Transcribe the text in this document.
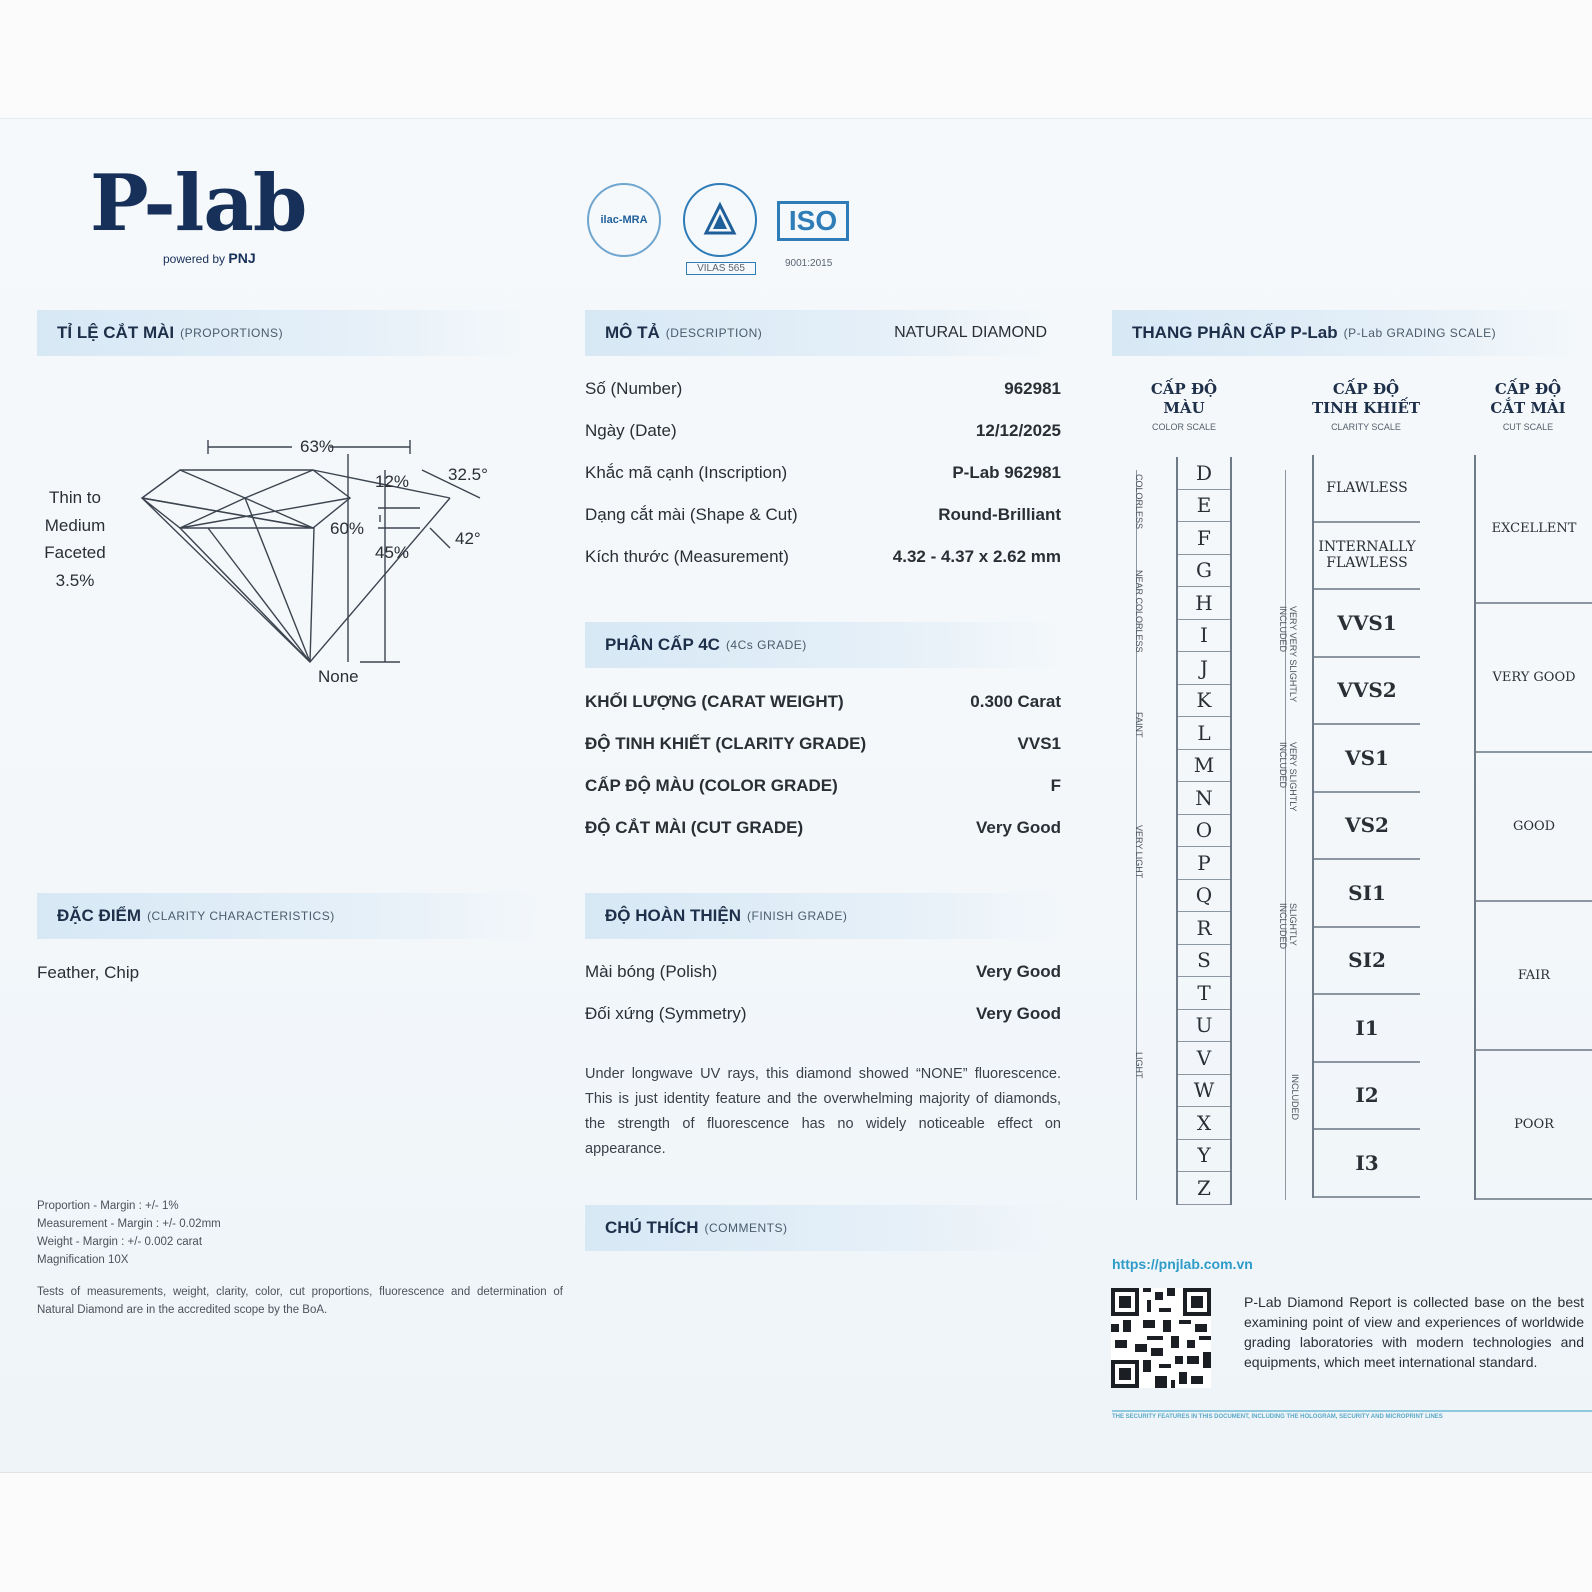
P-lab
powered by PNJ
ilac-MRA
VILAS 565
ISO
9001:2015
TỈ LỆ CẮT MÀI (PROPORTIONS)
63%
12% 32.5°
60%
45%
42°
None
Thin to
Medium
Faceted
3.5%
MÔ TẢ (DESCRIPTION)	NATURAL DIAMOND
Số (Number)	962981
Ngày (Date)	12/12/2025
Khắc mã cạnh (Inscription)	P-Lab 962981
Dạng cắt mài (Shape & Cut)	Round-Brilliant
Kích thước (Measurement)	4.32 - 4.37 x 2.62 mm
PHÂN CẤP 4C (4Cs GRADE)
KHỐI LƯỢNG (CARAT WEIGHT)	0.300 Carat
ĐỘ TINH KHIẾT (CLARITY GRADE)	VVS1
CẤP ĐỘ MÀU (COLOR GRADE)	F
ĐỘ CẮT MÀI (CUT GRADE)	Very Good
ĐẶC ĐIỂM (CLARITY CHARACTERISTICS)
Feather, Chip
ĐỘ HOÀN THIỆN (FINISH GRADE)
Mài bóng (Polish)	Very Good
Đối xứng (Symmetry)	Very Good
Under longwave UV rays, this diamond showed “NONE” fluorescence. This is just identity feature and the overwhelming majority of diamonds, the strength of fluorescence has no widely noticeable effect on appearance.
CHÚ THÍCH (COMMENTS)
Proportion - Margin : +/- 1%
Measurement - Margin : +/- 0.02mm
Weight - Margin : +/- 0.002 carat
Magnification 10X
Tests of measurements, weight, clarity, color, cut proportions, fluorescence and determination of Natural Diamond are in the accredited scope by the BoA.
THANG PHÂN CẤP P-Lab (P-Lab GRADING SCALE)
CẤP ĐỘ
MÀU
COLOR SCALE
CẤP ĐỘ
TINH KHIẾT
CLARITY SCALE
CẤP ĐỘ
CẮT MÀI
CUT SCALE
D
E
F
G
H
I
J
K
L
M
N
O
P
Q
R
S
T
U
V
W
X
Y
Z
FLAWLESS
INTERNALLY FLAWLESS
VVS1
VVS2
VS1
VS2
SI1
SI2
I1
I2
I3
EXCELLENT
VERY GOOD
GOOD
FAIR
POOR
COLORLESS
NEAR COLORLESS
FAINT
VERY LIGHT
LIGHT
VERY VERY SLIGHTLY INCLUDED
VERY SLIGHTLY INCLUDED
SLIGHTLY INCLUDED
INCLUDED
https://pnjlab.com.vn
P-Lab Diamond Report is collected base on the best examining point of view and experiences of worldwide grading laboratories with modern technologies and equipments, which meet international standard.
THE SECURITY FEATURES IN THIS DOCUMENT, INCLUDING THE HOLOGRAM, SECURITY AND MICROPRINT LINES
